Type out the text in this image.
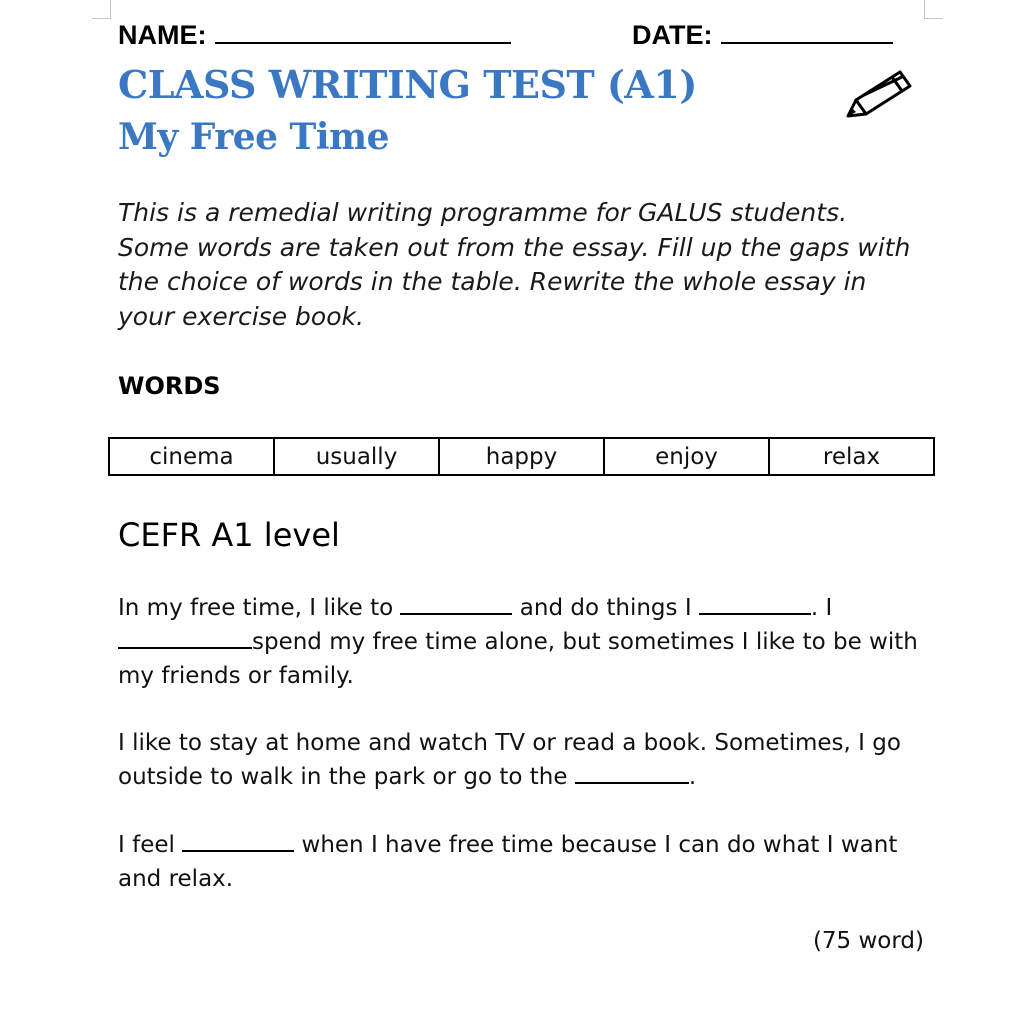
NAME:	DATE:
CLASS WRITING TEST (A1)
My Free Time

This is a remedial writing programme for GALUS students. Some words are taken out from the essay. Fill up the gaps with the choice of words in the table. Rewrite the whole essay in your exercise book.

WORDS
cinema	usually	happy	enjoy	relax
CEFR A1 level

In my free time, I like to	and do things I	. I
spend my free time alone, but sometimes I like to be with my friends or family.

I like to stay at home and watch TV or read a book. Sometimes, I go outside to walk in the park or go to the	.

I feel	when I have free time because I can do what I want and relax.

(75 word)
